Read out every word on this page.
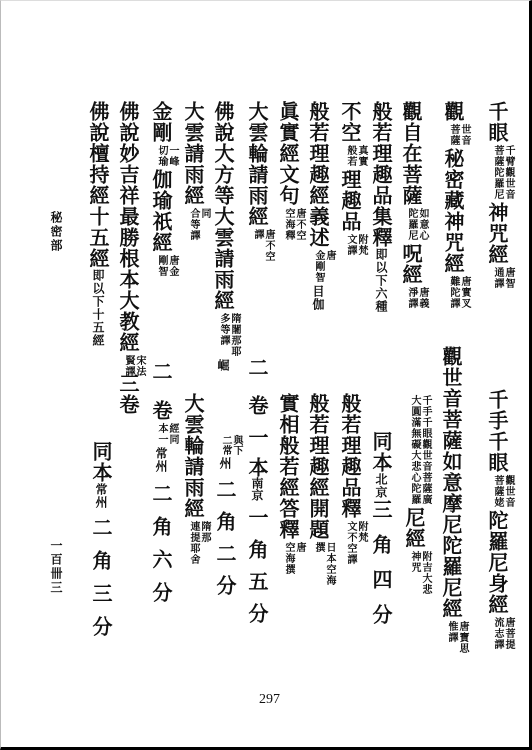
秘密部
一百卌三
千眼千臂觀世音
菩薩陀羅尼神咒經唐智
通譯
觀世音
菩薩秘密藏神咒經唐實叉
難陀譯
觀自在菩薩如意心
陀羅尼呪經唐義
淨譯
般若理趣品集釋即以下六種
不空真實
般若理趣品附梵
文譯
般若理趣經義述唐
金剛智目伽
眞實經文句唐不空
空海釋
大雲輪請雨經唐不空
譯
佛說大方等大雲請雨經隋闍那耶
多等譯崛
大雲請雨經同
合等譯
金剛一峰
切瑜伽瑜祇經唐金
剛智
佛說妙吉祥最勝根本大教經宋法
賢譯
佛說檀持經十五經即以下十五經
千手千眼觀世音
菩薩姥陀羅尼身經唐菩提
流志譯
觀世音菩薩如意摩尼陀羅尼經唐寶思
惟譯
千手千眼觀世音菩薩廣
大圓滿無礙大悲心陀羅尼經附吉大悲
神咒
同本北京三角四分
般若理趣品釋附梵
文不空譯
般若理趣經開題日本空海
撰
實相般若經答釋唐
空海撰
二卷一本南京一角五分
與下
二常州二角二分
大雲輪請雨經隋那
連提耶舍
二卷經同
本一常州二角六分
三卷
同本常州二角三分
297
